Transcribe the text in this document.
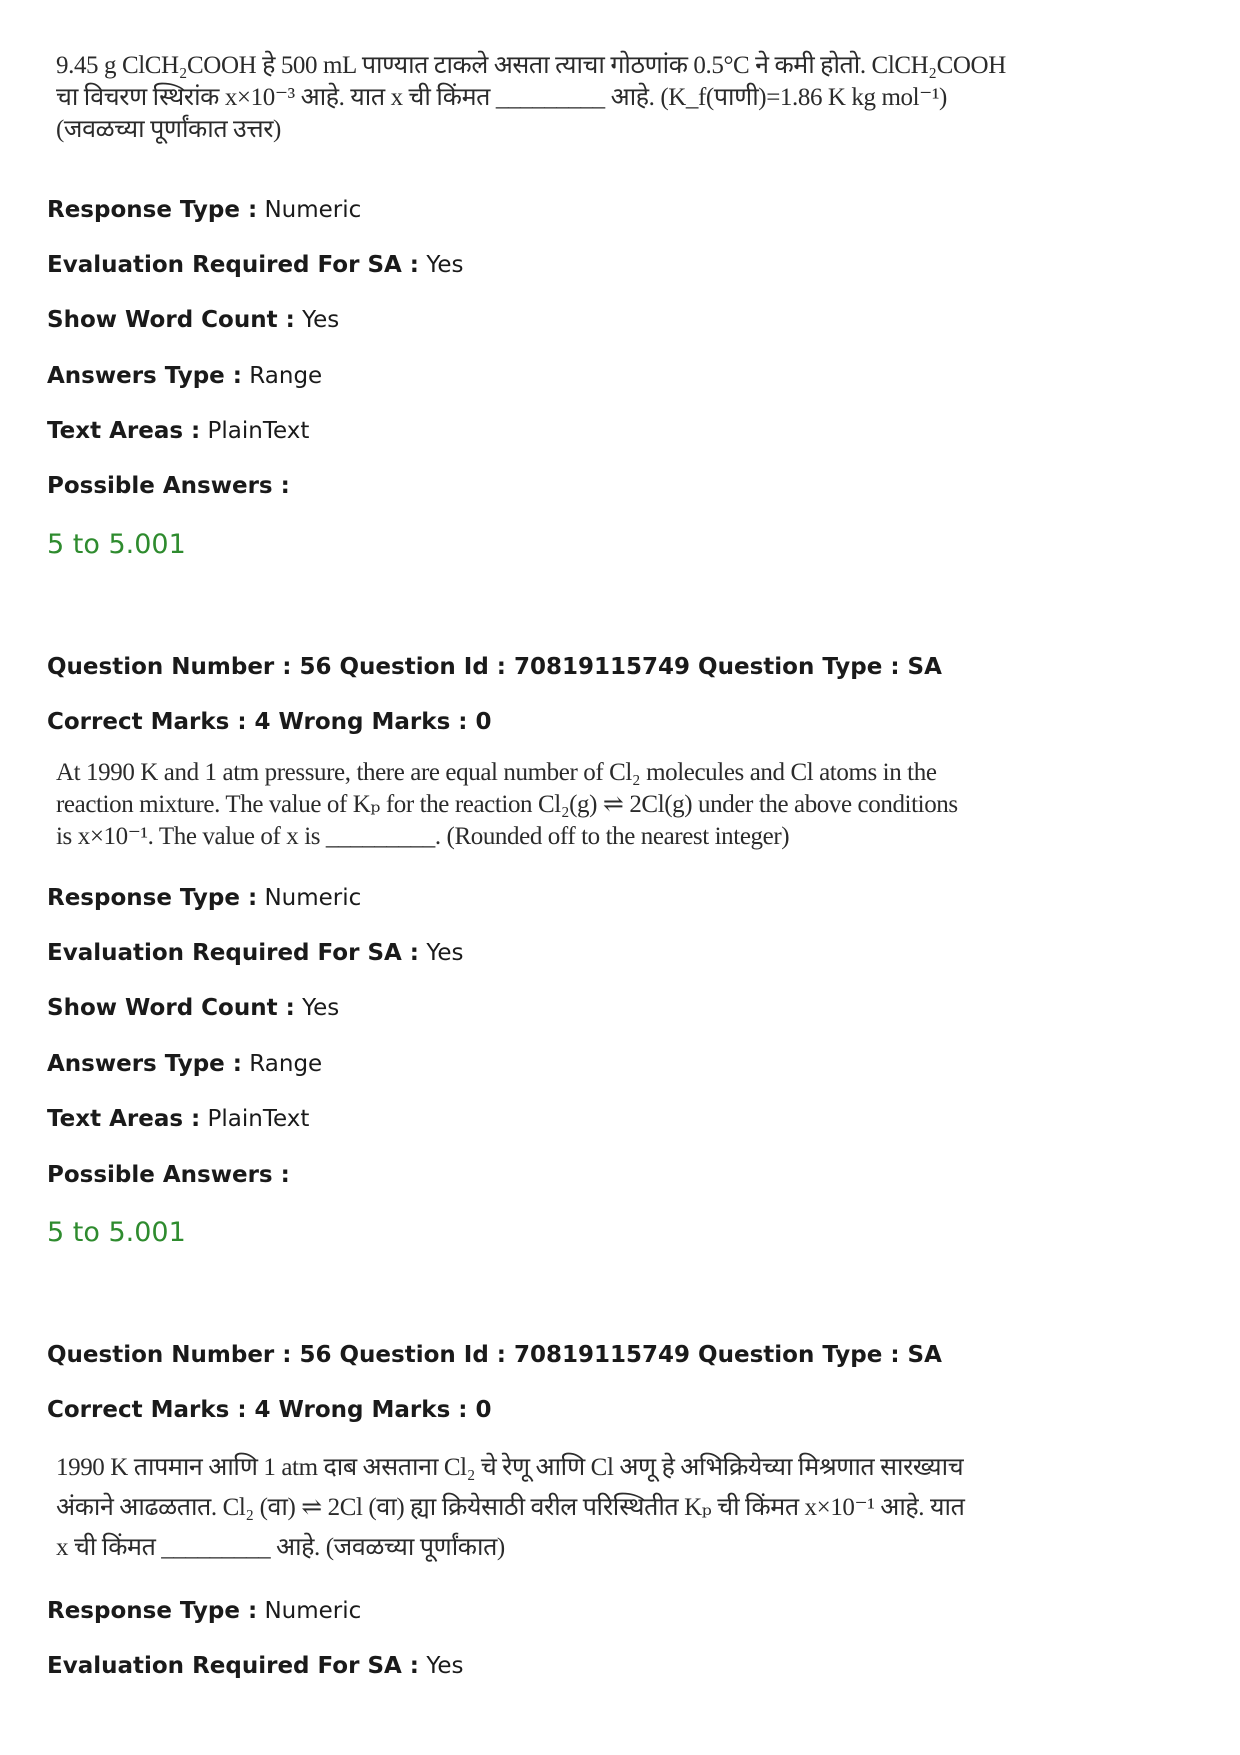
9.45 g ClCH₂COOH हे 500 mL पाण्यात टाकले असता त्याचा गोठणांक 0.5°C ने कमी होतो. ClCH₂COOH
चा विचरण स्थिरांक x×10⁻³ आहे. यात x ची किंमत _________ आहे. (K_f(पाणी)=1.86 K kg mol⁻¹)
(जवळच्या पूर्णांकात उत्तर)
Response Type : Numeric
Evaluation Required For SA : Yes
Show Word Count : Yes
Answers Type : Range
Text Areas : PlainText
Possible Answers :
5 to 5.001
Question Number : 56 Question Id : 70819115749 Question Type : SA
Correct Marks : 4 Wrong Marks : 0
At 1990 K and 1 atm pressure, there are equal number of Cl₂ molecules and Cl atoms in the
reaction mixture. The value of Kₚ for the reaction Cl₂(g) ⇌ 2Cl(g) under the above conditions
is x×10⁻¹. The value of x is _________. (Rounded off to the nearest integer)
Response Type : Numeric
Evaluation Required For SA : Yes
Show Word Count : Yes
Answers Type : Range
Text Areas : PlainText
Possible Answers :
5 to 5.001
Question Number : 56 Question Id : 70819115749 Question Type : SA
Correct Marks : 4 Wrong Marks : 0
1990 K तापमान आणि 1 atm दाब असताना Cl₂ चे रेणू आणि Cl अणू हे अभिक्रियेच्या मिश्रणात सारख्याच
अंकाने आढळतात. Cl₂ (वा) ⇌ 2Cl (वा) ह्या क्रियेसाठी वरील परिस्थितीत Kₚ ची किंमत x×10⁻¹ आहे. यात
x ची किंमत _________ आहे. (जवळच्या पूर्णांकात)
Response Type : Numeric
Evaluation Required For SA : Yes
